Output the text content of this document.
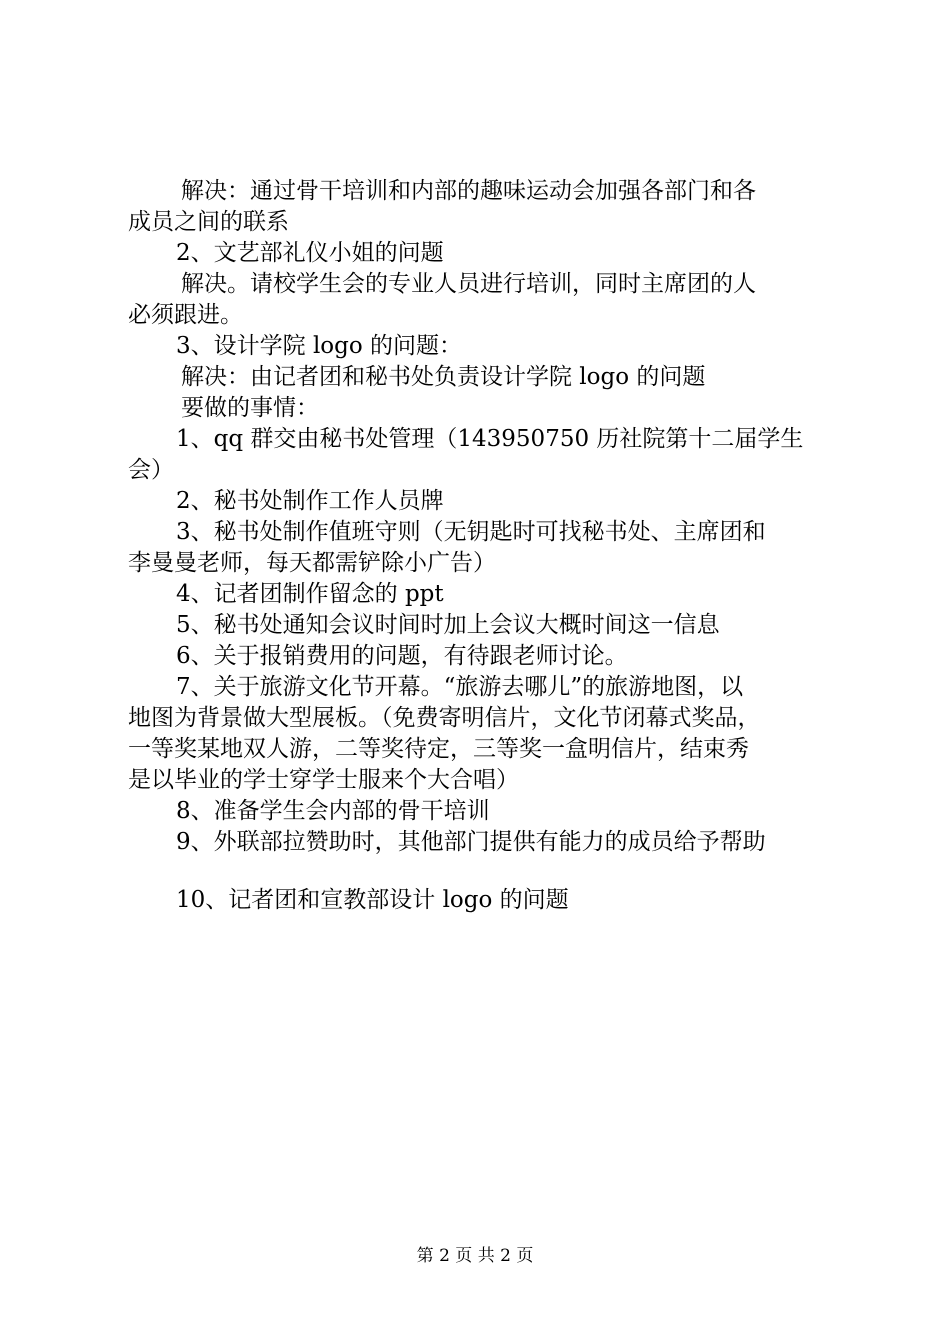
解决：通过骨干培训和内部的趣味运动会加强各部门和各
成员之间的联系
2、文艺部礼仪小姐的问题
解决。请校学生会的专业人员进行培训，同时主席团的人
必须跟进。
3、设计学院 logo 的问题：
解决：由记者团和秘书处负责设计学院 logo 的问题
要做的事情：
1、qq 群交由秘书处管理（143950750 历社院第十二届学生
会）
2、秘书处制作工作人员牌
3、秘书处制作值班守则（无钥匙时可找秘书处、主席团和
李曼曼老师，每天都需铲除小广告）
4、记者团制作留念的 ppt
5、秘书处通知会议时间时加上会议大概时间这一信息
6、关于报销费用的问题，有待跟老师讨论。
7、关于旅游文化节开幕。“旅游去哪儿”的旅游地图，以
地图为背景做大型展板。（免费寄明信片，文化节闭幕式奖品，
一等奖某地双人游，二等奖待定，三等奖一盒明信片，结束秀
是以毕业的学士穿学士服来个大合唱）
8、准备学生会内部的骨干培训
9、外联部拉赞助时，其他部门提供有能力的成员给予帮助
10、记者团和宣教部设计 logo 的问题
第 2 页 共 2 页
